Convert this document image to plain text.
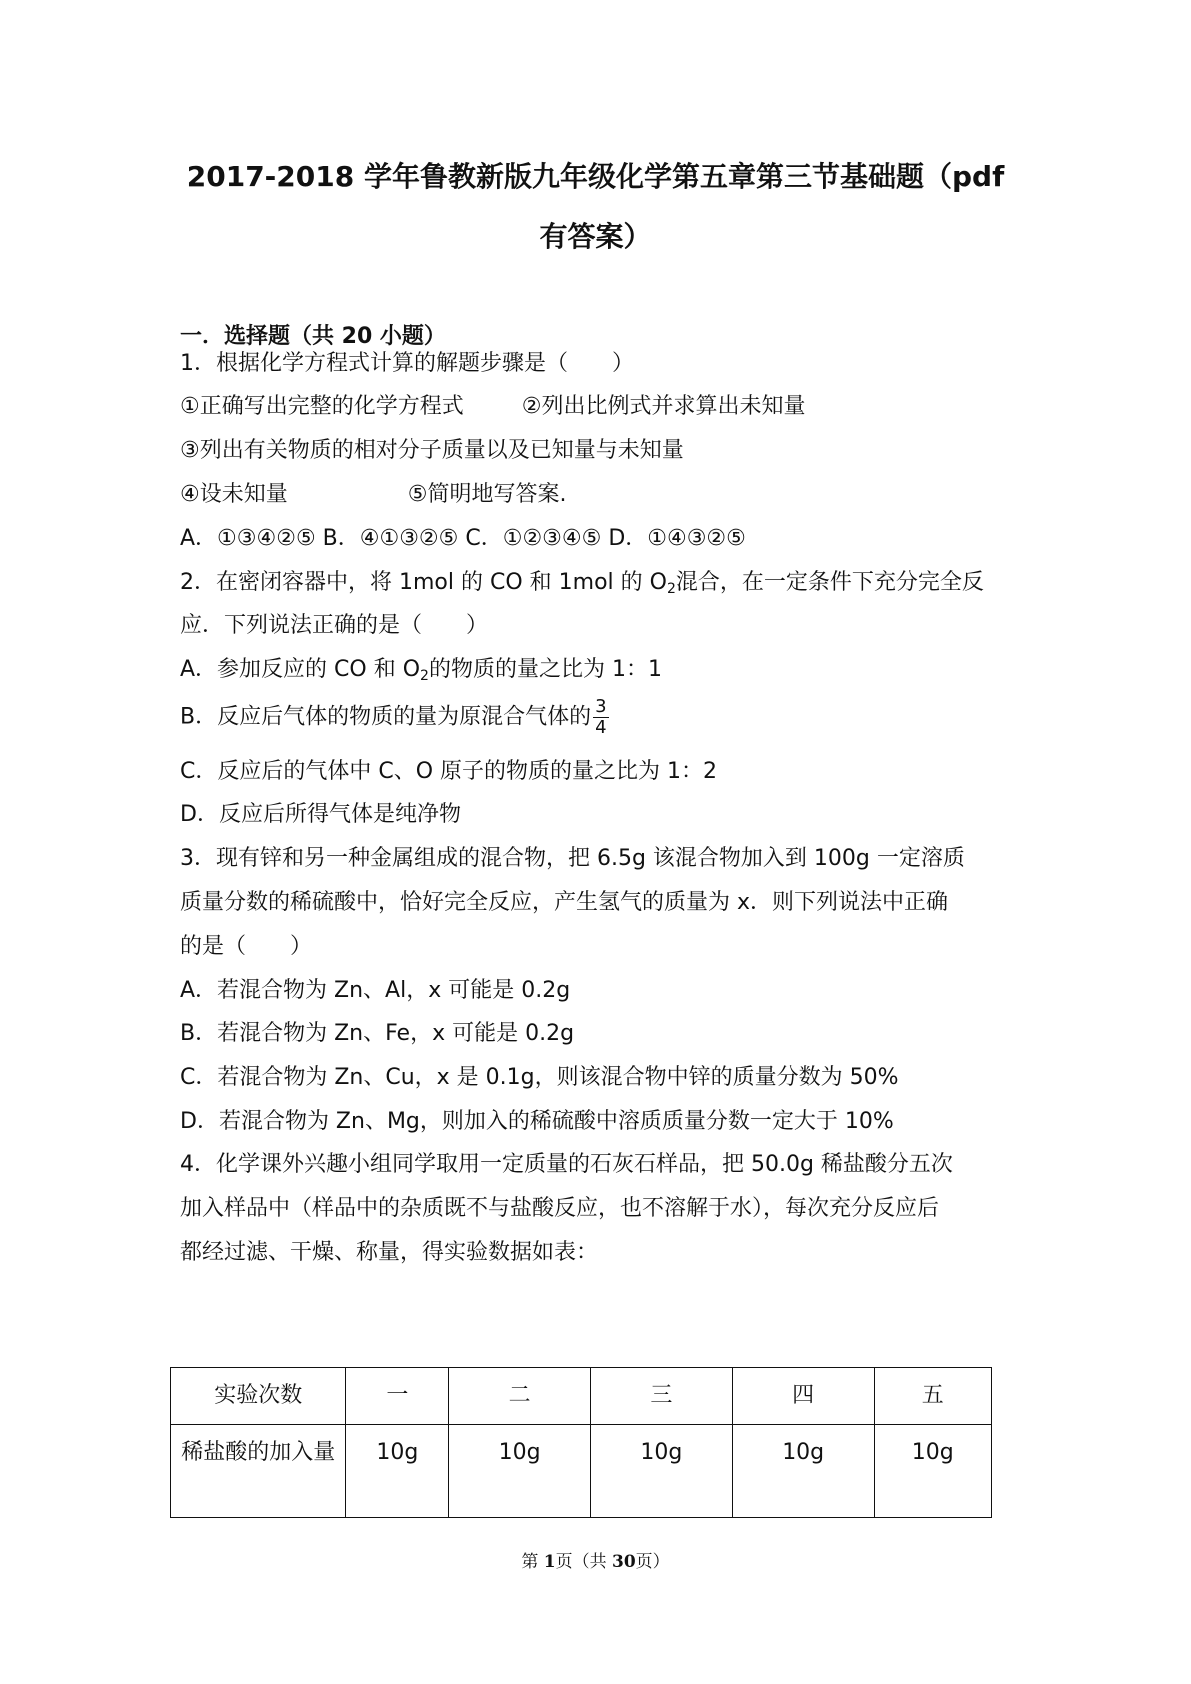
2017-2018 学年鲁教新版九年级化学第五章第三节基础题（pdf
有答案）
一．选择题（共 20 小题）
1．根据化学方程式计算的解题步骤是（　　）
①正确写出完整的化学方程式	②列出比例式并求算出未知量
③列出有关物质的相对分子质量以及已知量与未知量
④设未知量	⑤简明地写答案.
A．①③④②⑤ B．④①③②⑤ C．①②③④⑤ D．①④③②⑤
2．在密闭容器中，将 1mol 的 CO 和 1mol 的 $O_2$混合，在一定条件下充分完全反
应．下列说法正确的是（　　）
A．参加反应的 CO 和 $O_2$的物质的量之比为 1：1
B．反应后气体的物质的量为原混合气体的 $\frac{3}{4}$
C．反应后的气体中 C、O 原子的物质的量之比为 1：2
D．反应后所得气体是纯净物
3．现有锌和另一种金属组成的混合物，把 6.5g 该混合物加入到 100g 一定溶质
质量分数的稀硫酸中，恰好完全反应，产生氢气的质量为 x．则下列说法中正确
的是（　　）
A．若混合物为 Zn、Al，x 可能是 0.2g
B．若混合物为 Zn、Fe，x 可能是 0.2g
C．若混合物为 Zn、Cu，x 是 0.1g，则该混合物中锌的质量分数为 50%
D．若混合物为 Zn、Mg，则加入的稀硫酸中溶质质量分数一定大于 10%
4．化学课外兴趣小组同学取用一定质量的石灰石样品，把 50.0g 稀盐酸分五次
加入样品中（样品中的杂质既不与盐酸反应，也不溶解于水），每次充分反应后
都经过滤、干燥、称量，得实验数据如表：
实验次数	一	二	三	四	五
稀盐酸的加入量	10g	10g	10g	10g	10g
第 1页（共 30页）
